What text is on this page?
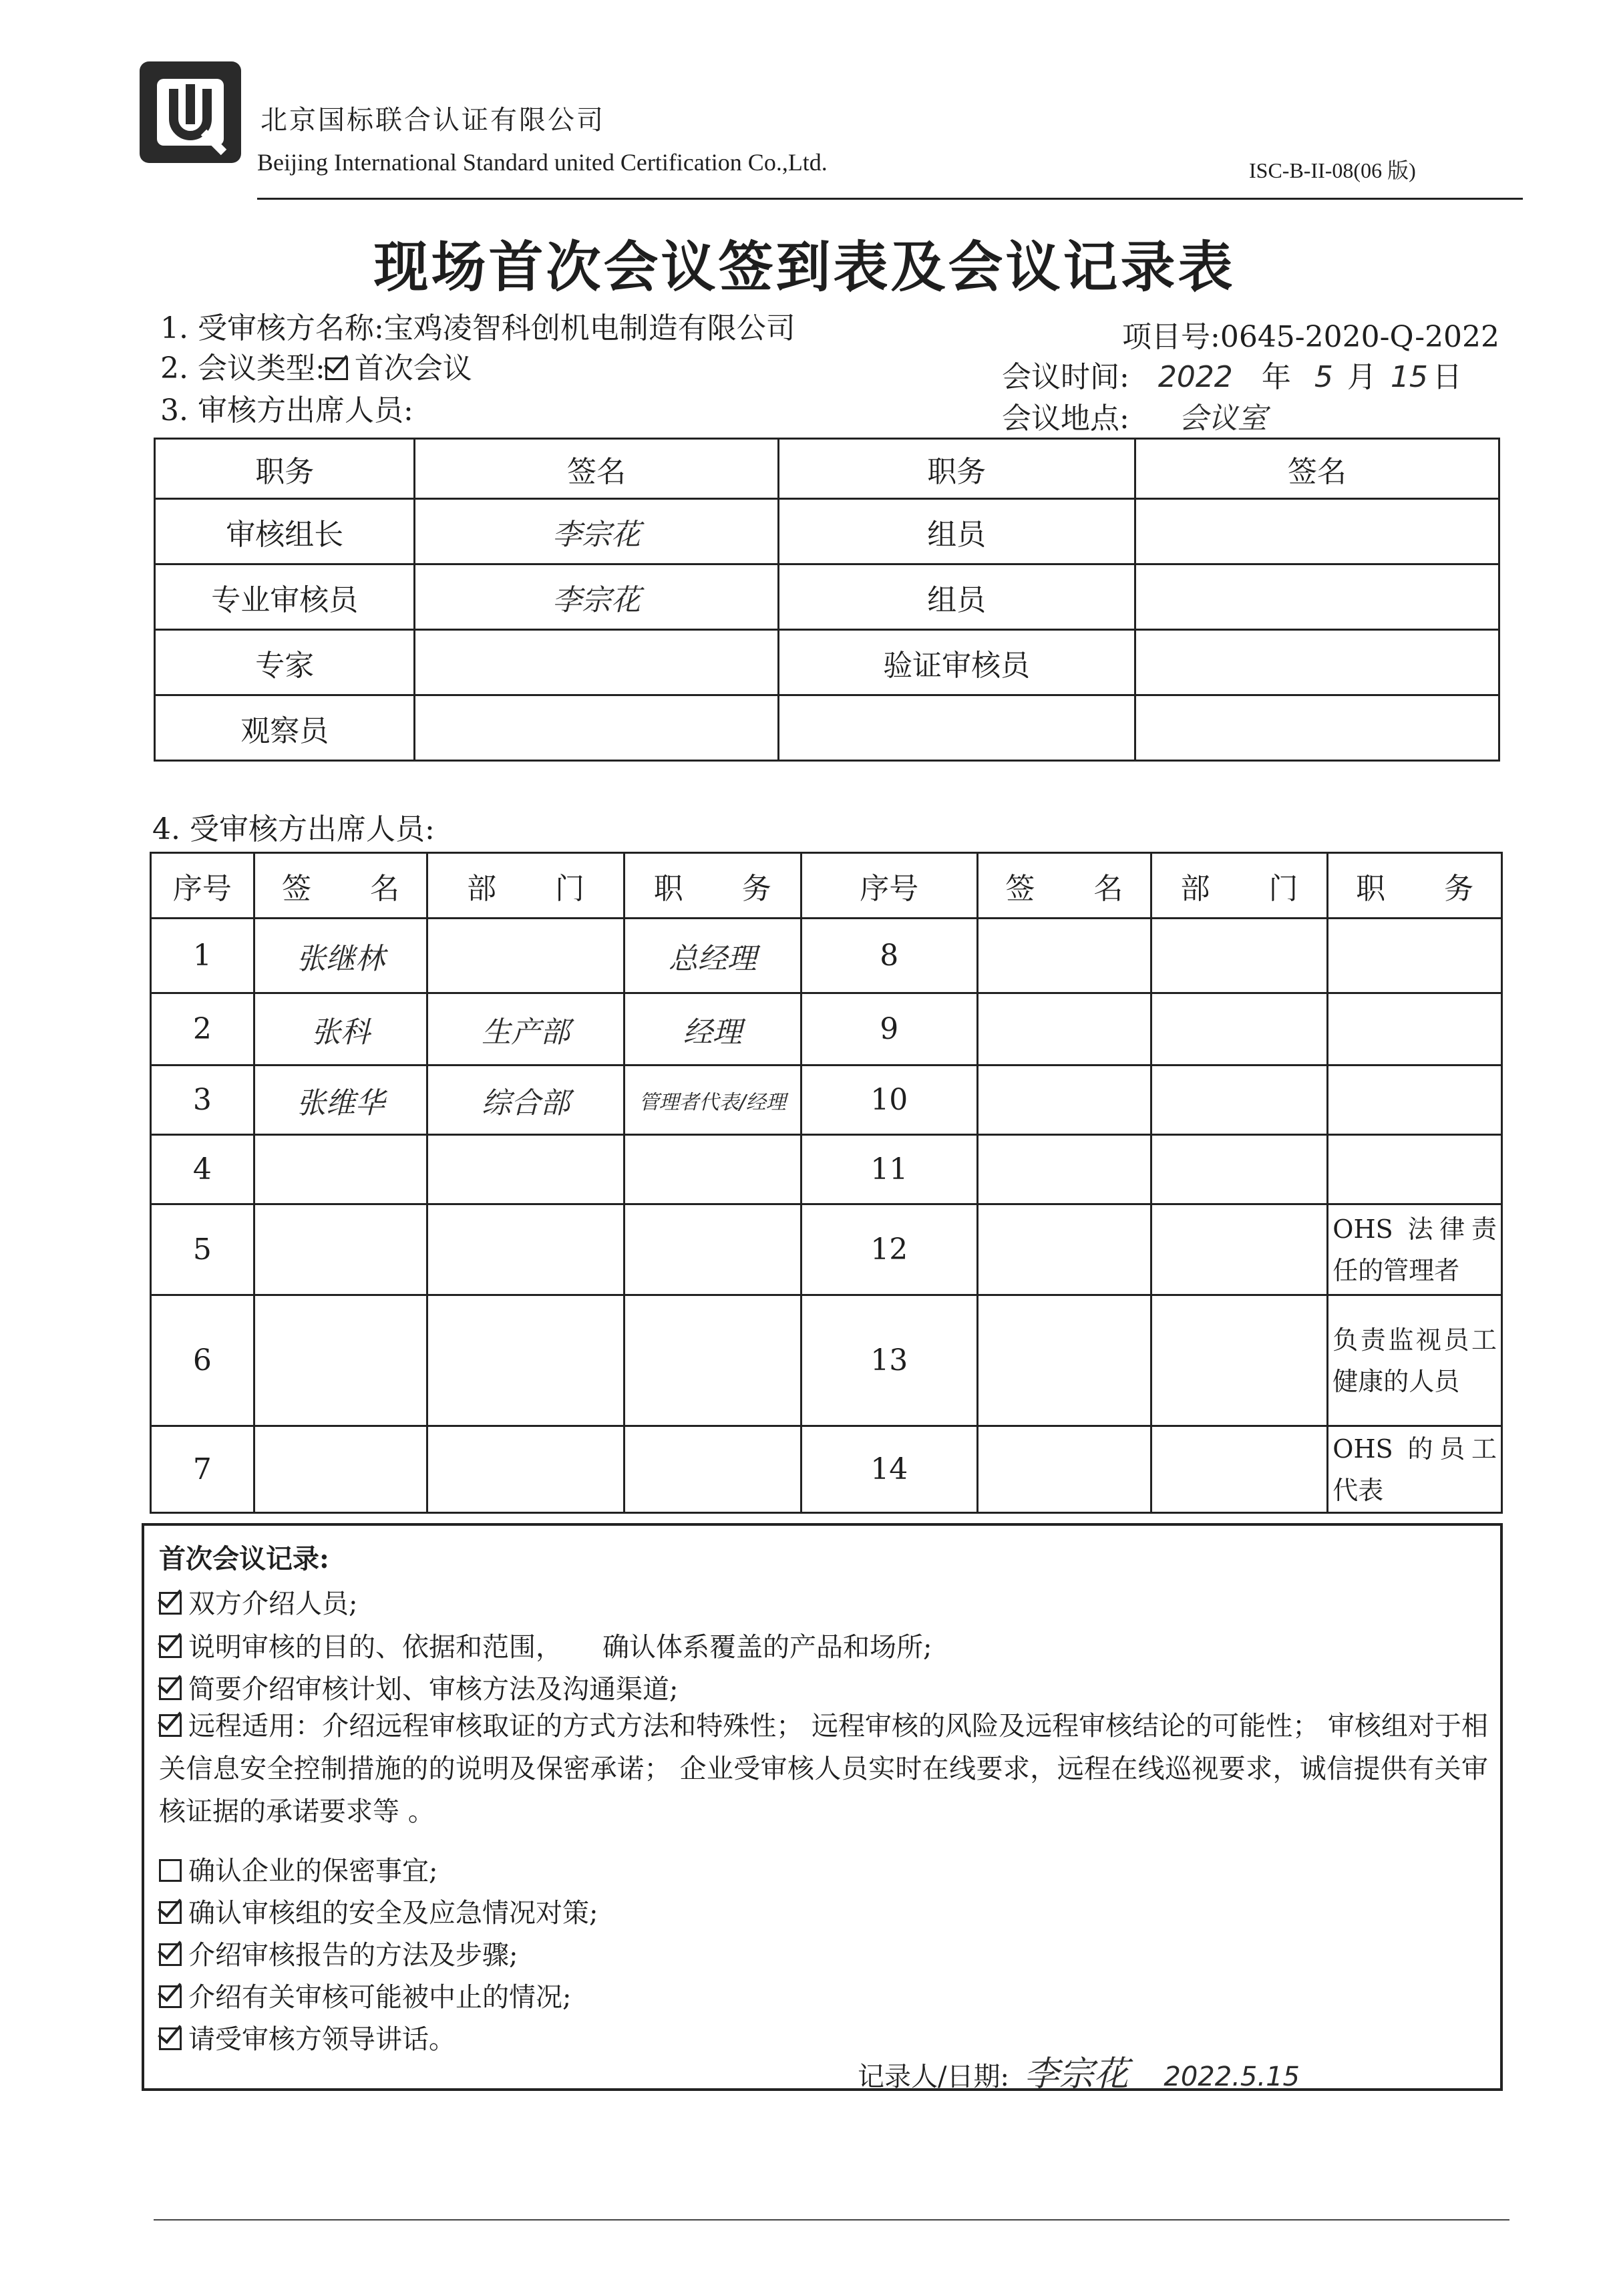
北京国标联合认证有限公司
Beijing International Standard united Certification Co.,Ltd.	ISC-B-II-08(06 版)
现场首次会议签到表及会议记录表
1. 受审核方名称:宝鸡凌智科创机电制造有限公司	项目号:0645-2020-Q-2022
2. 会议类型: 首次会议	会议时间: 2022 年 5 月 15 日
3. 审核方出席人员:	会议地点: 会议室
职务	签名	职务	签名
审核组长	李宗花	组员	
专业审核员	李宗花	组员	
专家		验证审核员	
观察员			
4. 受审核方出席人员:
序号	签　　名	部　　门	职　　务	序号	签　　名	部　　门	职　　务
1	张继林		总经理	8			
2	张科	生产部	经理	9			
3	张维华	综合部	管理者代表/经理	10			
4				11			
5				12			OHS 法律责任的管理者
6				13			负责监视员工健康的人员
7				14			OHS 的员工代表
首次会议记录:
双方介绍人员;
说明审核的目的、依据和范围，　　确认体系覆盖的产品和场所;
简要介绍审核计划、审核方法及沟通渠道;
远程适用：介绍远程审核取证的方式方法和特殊性； 远程审核的风险及远程审核结论的可能性； 审核组对于相关信息安全控制措施的的说明及保密承诺； 企业受审核人员实时在线要求，远程在线巡视要求，诚信提供有关审核证据的承诺要求等 。
确认企业的保密事宜;
确认审核组的安全及应急情况对策;
介绍审核报告的方法及步骤;
介绍有关审核可能被中止的情况;
请受审核方领导讲话。
记录人/日期: 李宗花 2022.5.15
